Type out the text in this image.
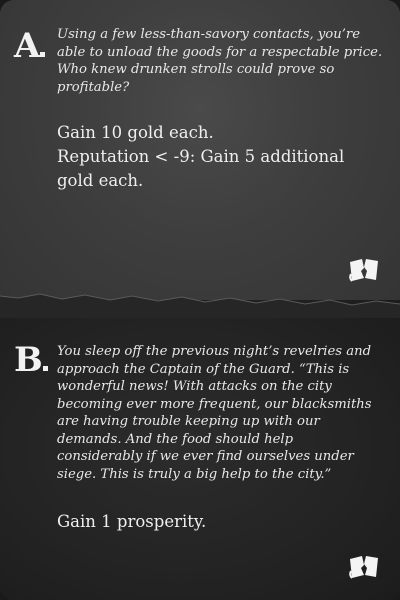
A	Using a few less-than-savory contacts, you’re able to unload the goods for a respectable price. Who knew drunken strolls could prove so profitable?
Gain 10 gold each.
Reputation < -9: Gain 5 additional gold each.
B	You sleep off the previous night’s revelries and approach the Captain of the Guard. “This is wonderful news! With attacks on the city becoming ever more frequent, our blacksmiths are having trouble keeping up with our demands. And the food should help considerably if we ever find ourselves under siege. This is truly a big help to the city.”
Gain 1 prosperity.
